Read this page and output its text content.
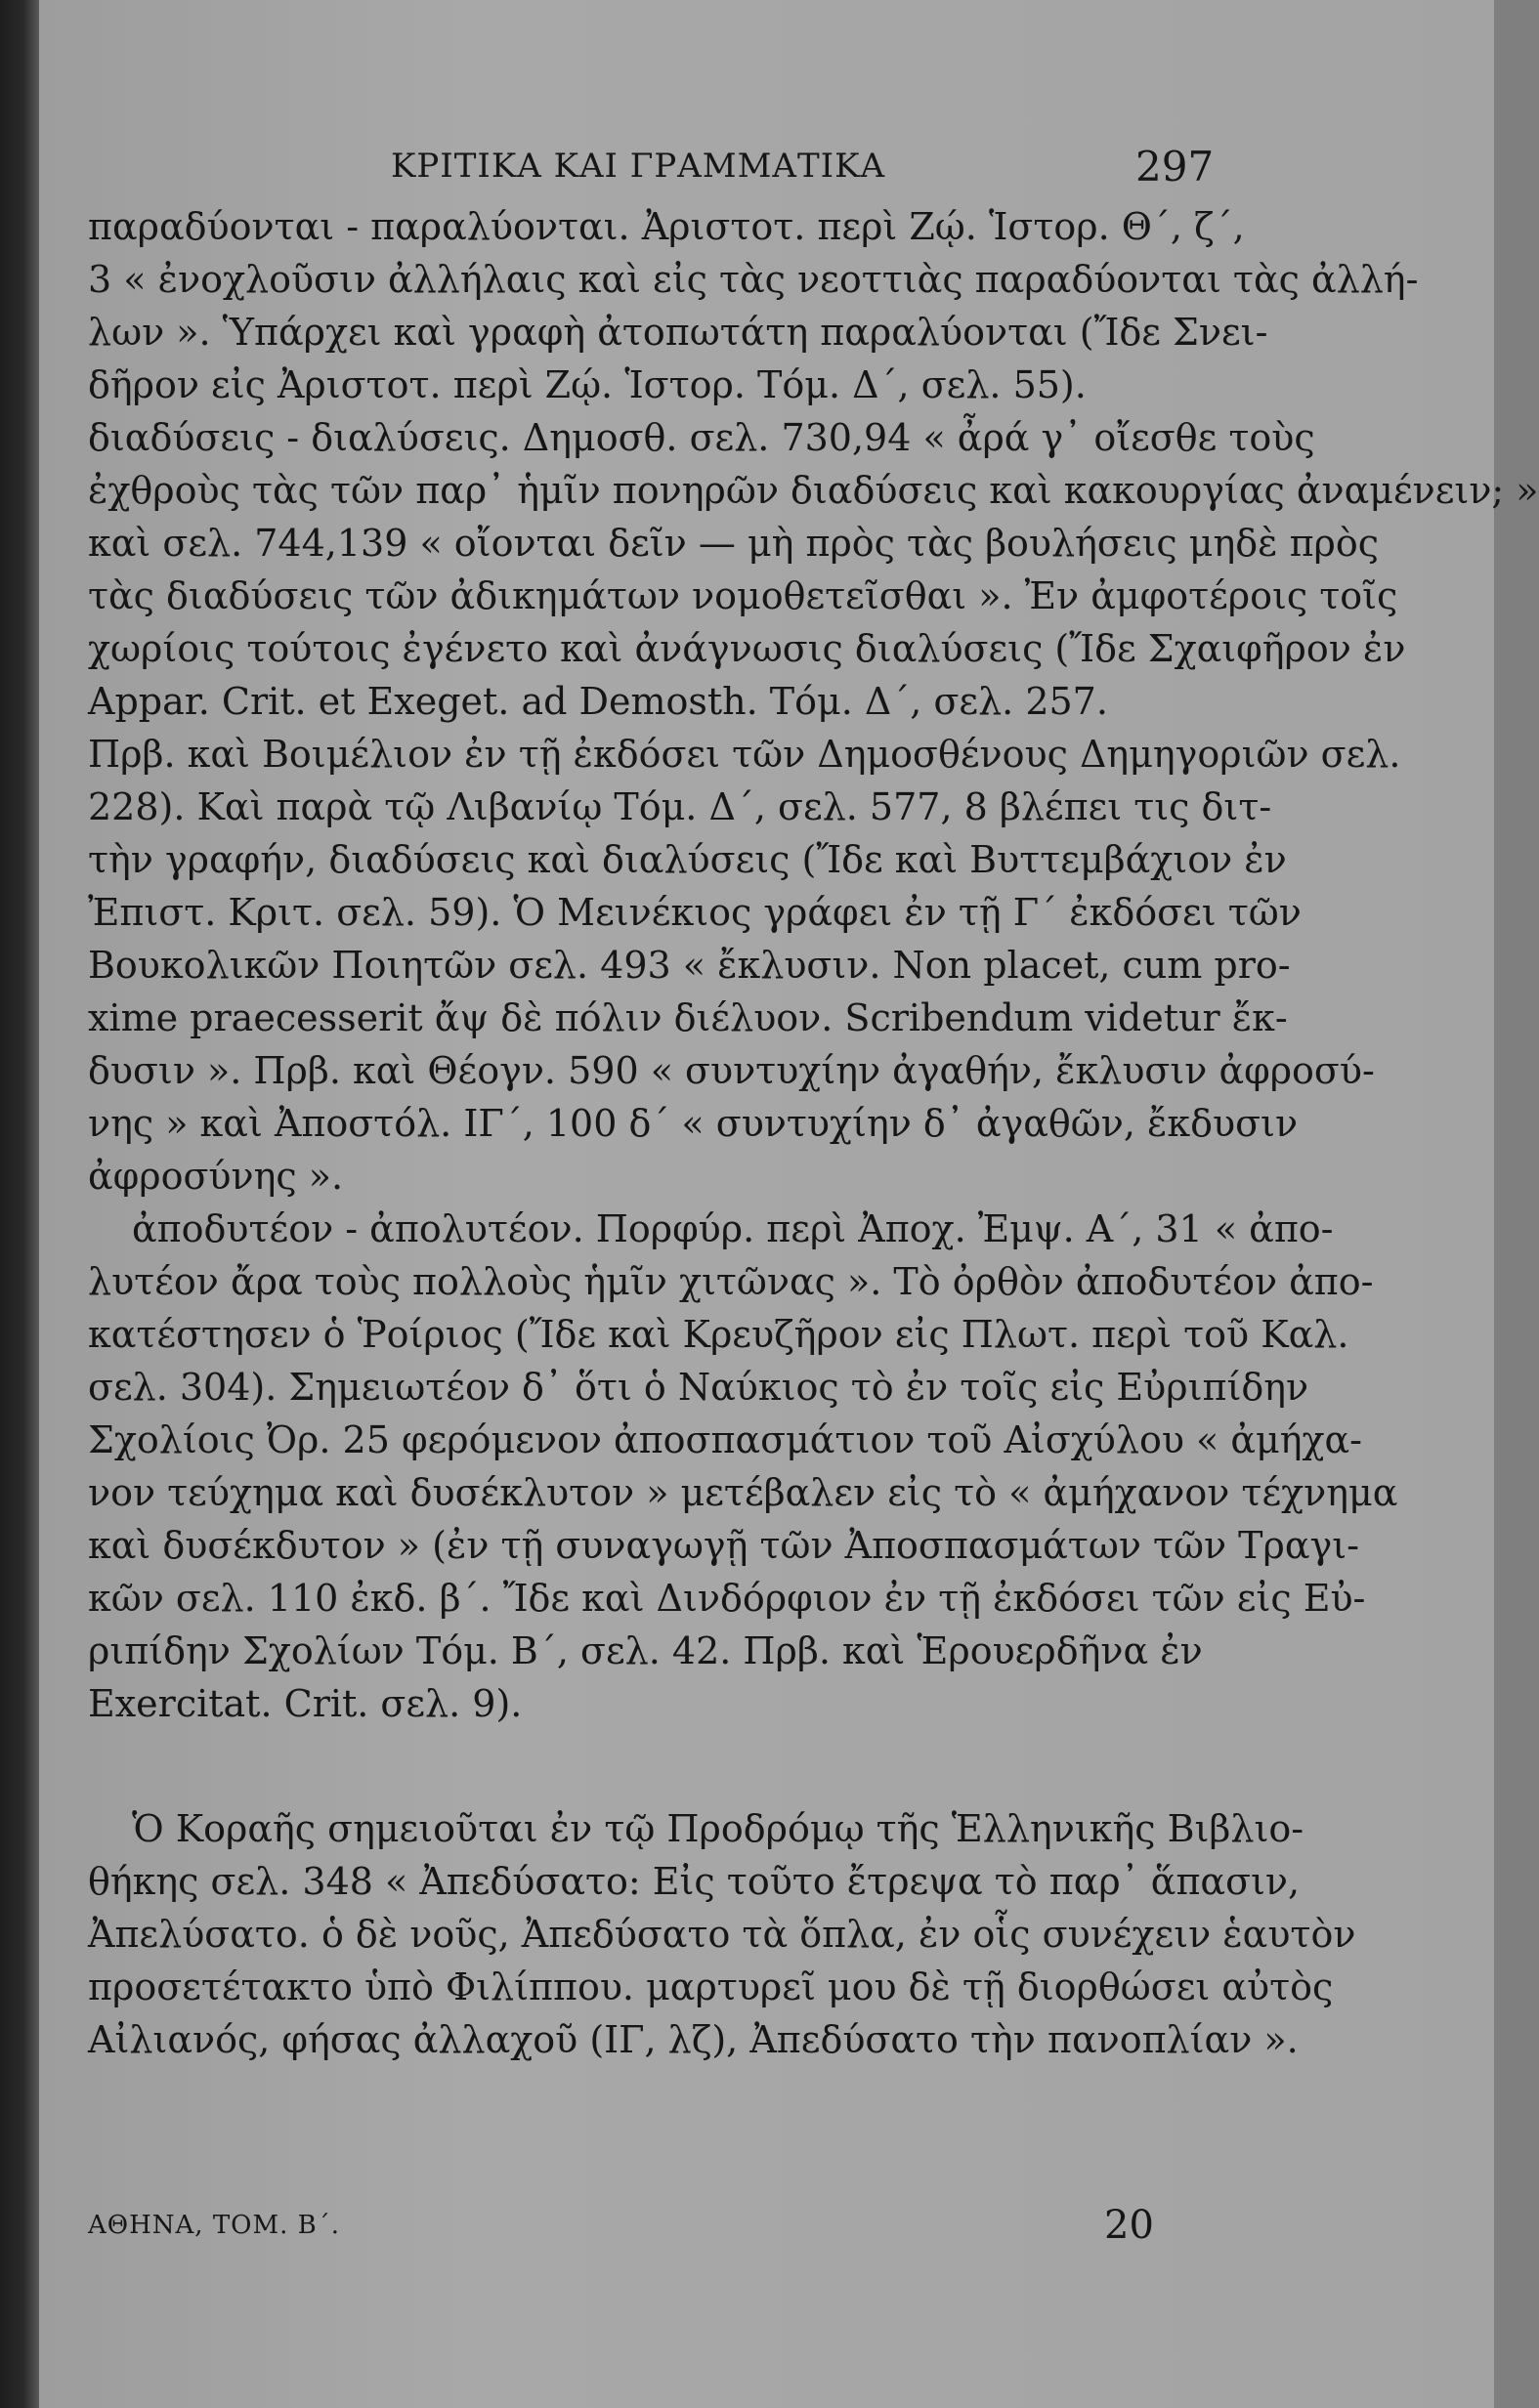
ΚΡΙΤΙΚΑ ΚΑΙ ΓΡΑΜΜΑΤΙΚΑ	297
παραδύονται - παραλύονται. Ἀριστοτ. περὶ Ζῴ. Ἱστορ. Θ΄, ζ΄,
3 « ἐνοχλοῦσιν ἀλλήλαις καὶ εἰς τὰς νεοττιὰς παραδύονται τὰς ἀλλή-
λων ». Ὑπάρχει καὶ γραφὴ ἀτοπωτάτη παραλύονται (Ἴδε Σνει-
δῆρον εἰς Ἀριστοτ. περὶ Ζῴ. Ἱστορ. Τόμ. Δ΄, σελ. 55).
διαδύσεις - διαλύσεις. Δημοσθ. σελ. 730,94 « ἆρά γ᾿ οἴεσθε τοὺς
ἐχθροὺς τὰς τῶν παρ᾿ ἡμῖν πονηρῶν διαδύσεις καὶ κακουργίας ἀναμένειν; »
καὶ σελ. 744,139 « οἴονται δεῖν — μὴ πρὸς τὰς βουλήσεις μηδὲ πρὸς
τὰς διαδύσεις τῶν ἀδικημάτων νομοθετεῖσθαι ». Ἐν ἀμφοτέροις τοῖς
χωρίοις τούτοις ἐγένετο καὶ ἀνάγνωσις διαλύσεις (Ἴδε Σχαιφῆρον ἐν
Appar. Crit. et Exeget. ad Demosth. Τόμ. Δ΄, σελ. 257.
Πρβ. καὶ Βοιμέλιον ἐν τῇ ἐκδόσει τῶν Δημοσθένους Δημηγοριῶν σελ.
228). Καὶ παρὰ τῷ Λιβανίῳ Τόμ. Δ΄, σελ. 577, 8 βλέπει τις διτ-
τὴν γραφήν, διαδύσεις καὶ διαλύσεις (Ἴδε καὶ Βυττεμβάχιον ἐν
Ἐπιστ. Κριτ. σελ. 59). Ὁ Μεινέκιος γράφει ἐν τῇ Γ΄ ἐκδόσει τῶν
Βουκολικῶν Ποιητῶν σελ. 493 « ἔκλυσιν. Non placet, cum pro-
xime praecesserit ἄψ δὲ πόλιν διέλυον. Scribendum videtur ἔκ-
δυσιν ». Πρβ. καὶ Θέογν. 590 « συντυχίην ἀγαθήν, ἔκλυσιν ἀφροσύ-
νης » καὶ Ἀποστόλ. ΙΓ΄, 100 δ΄ « συντυχίην δ᾿ ἀγαθῶν, ἔκδυσιν
ἀφροσύνης ».
ἀποδυτέον - ἀπολυτέον. Πορφύρ. περὶ Ἀποχ. Ἐμψ. Α΄, 31 « ἀπο-
λυτέον ἄρα τοὺς πολλοὺς ἡμῖν χιτῶνας ». Τὸ ὀρθὸν ἀποδυτέον ἀπο-
κατέστησεν ὁ Ῥοίριος (Ἴδε καὶ Κρευζῆρον εἰς Πλωτ. περὶ τοῦ Καλ.
σελ. 304). Σημειωτέον δ᾿ ὅτι ὁ Ναύκιος τὸ ἐν τοῖς εἰς Εὐριπίδην
Σχολίοις Ὀρ. 25 φερόμενον ἀποσπασμάτιον τοῦ Αἰσχύλου « ἀμήχα-
νον τεύχημα καὶ δυσέκλυτον » μετέβαλεν εἰς τὸ « ἀμήχανον τέχνημα
καὶ δυσέκδυτον » (ἐν τῇ συναγωγῇ τῶν Ἀποσπασμάτων τῶν Τραγι-
κῶν σελ. 110 ἐκδ. β΄. Ἴδε καὶ Δινδόρφιον ἐν τῇ ἐκδόσει τῶν εἰς Εὐ-
ριπίδην Σχολίων Τόμ. Β΄, σελ. 42. Πρβ. καὶ Ἑρουερδῆνα ἐν
Exercitat. Crit. σελ. 9).
Ὁ Κοραῆς σημειοῦται ἐν τῷ Προδρόμῳ τῆς Ἑλληνικῆς Βιβλιο-
θήκης σελ. 348 « Ἀπεδύσατο: Εἰς τοῦτο ἔτρεψα τὸ παρ᾿ ἅπασιν,
Ἀπελύσατο. ὁ δὲ νοῦς, Ἀπεδύσατο τὰ ὅπλα, ἐν οἷς συνέχειν ἑαυτὸν
προσετέτακτο ὑπὸ Φιλίππου. μαρτυρεῖ μου δὲ τῇ διορθώσει αὐτὸς
Αἰλιανός, φήσας ἀλλαχοῦ (ΙΓ, λζ), Ἀπεδύσατο τὴν πανοπλίαν ».
ΑΘΗΝΑ, ΤΟΜ. Β΄.	20
